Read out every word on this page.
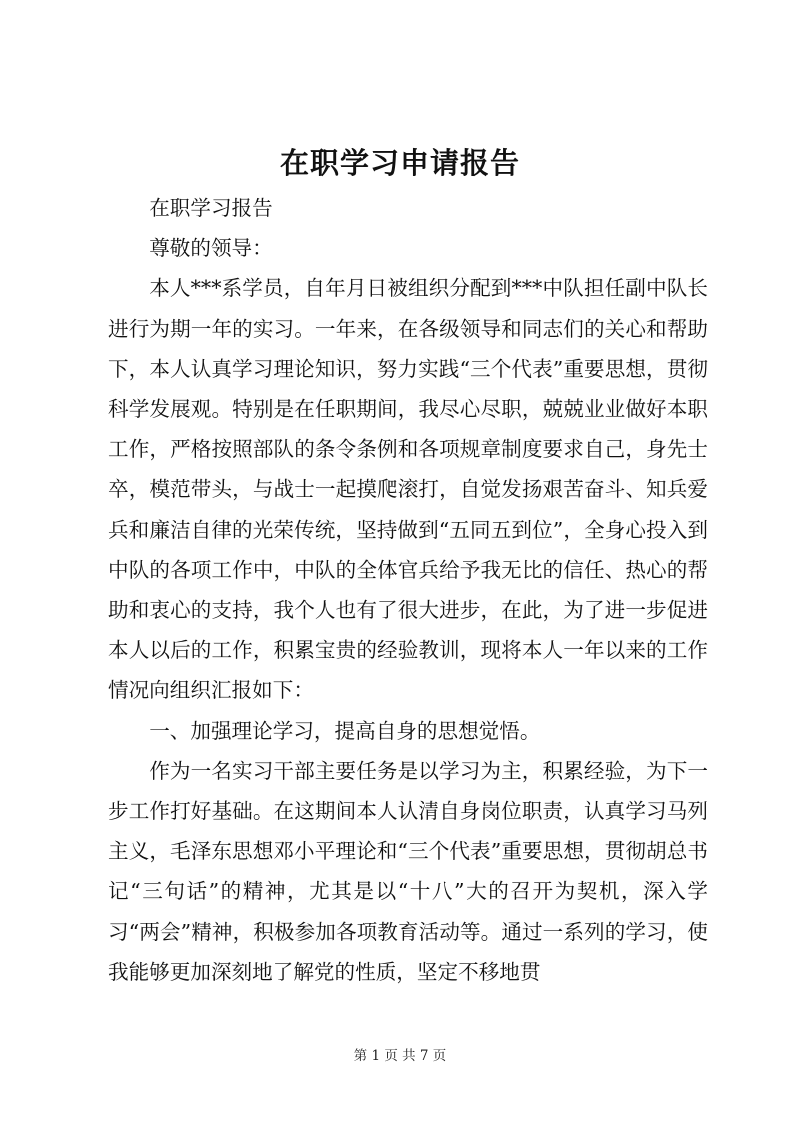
在职学习申请报告

在职学习报告

尊敬的领导：

本人***系学员，自年月日被组织分配到***中队担任副中队长进行为期一年的实习。一年来，在各级领导和同志们的关心和帮助下，本人认真学习理论知识，努力实践“三个代表”重要思想，贯彻科学发展观。特别是在任职期间，我尽心尽职，兢兢业业做好本职工作，严格按照部队的条令条例和各项规章制度要求自己，身先士卒，模范带头，与战士一起摸爬滚打，自觉发扬艰苦奋斗、知兵爱兵和廉洁自律的光荣传统，坚持做到“五同五到位”，全身心投入到中队的各项工作中，中队的全体官兵给予我无比的信任、热心的帮助和衷心的支持，我个人也有了很大进步，在此，为了进一步促进本人以后的工作，积累宝贵的经验教训，现将本人一年以来的工作情况向组织汇报如下：

一、加强理论学习，提高自身的思想觉悟。

作为一名实习干部主要任务是以学习为主，积累经验，为下一步工作打好基础。在这期间本人认清自身岗位职责，认真学习马列主义，毛泽东思想邓小平理论和“三个代表”重要思想，贯彻胡总书记“三句话”的精神，尤其是以“十八”大的召开为契机，深入学习“两会”精神，积极参加各项教育活动等。通过一系列的学习，使我能够更加深刻地了解党的性质，坚定不移地贯

第 1 页 共 7 页
